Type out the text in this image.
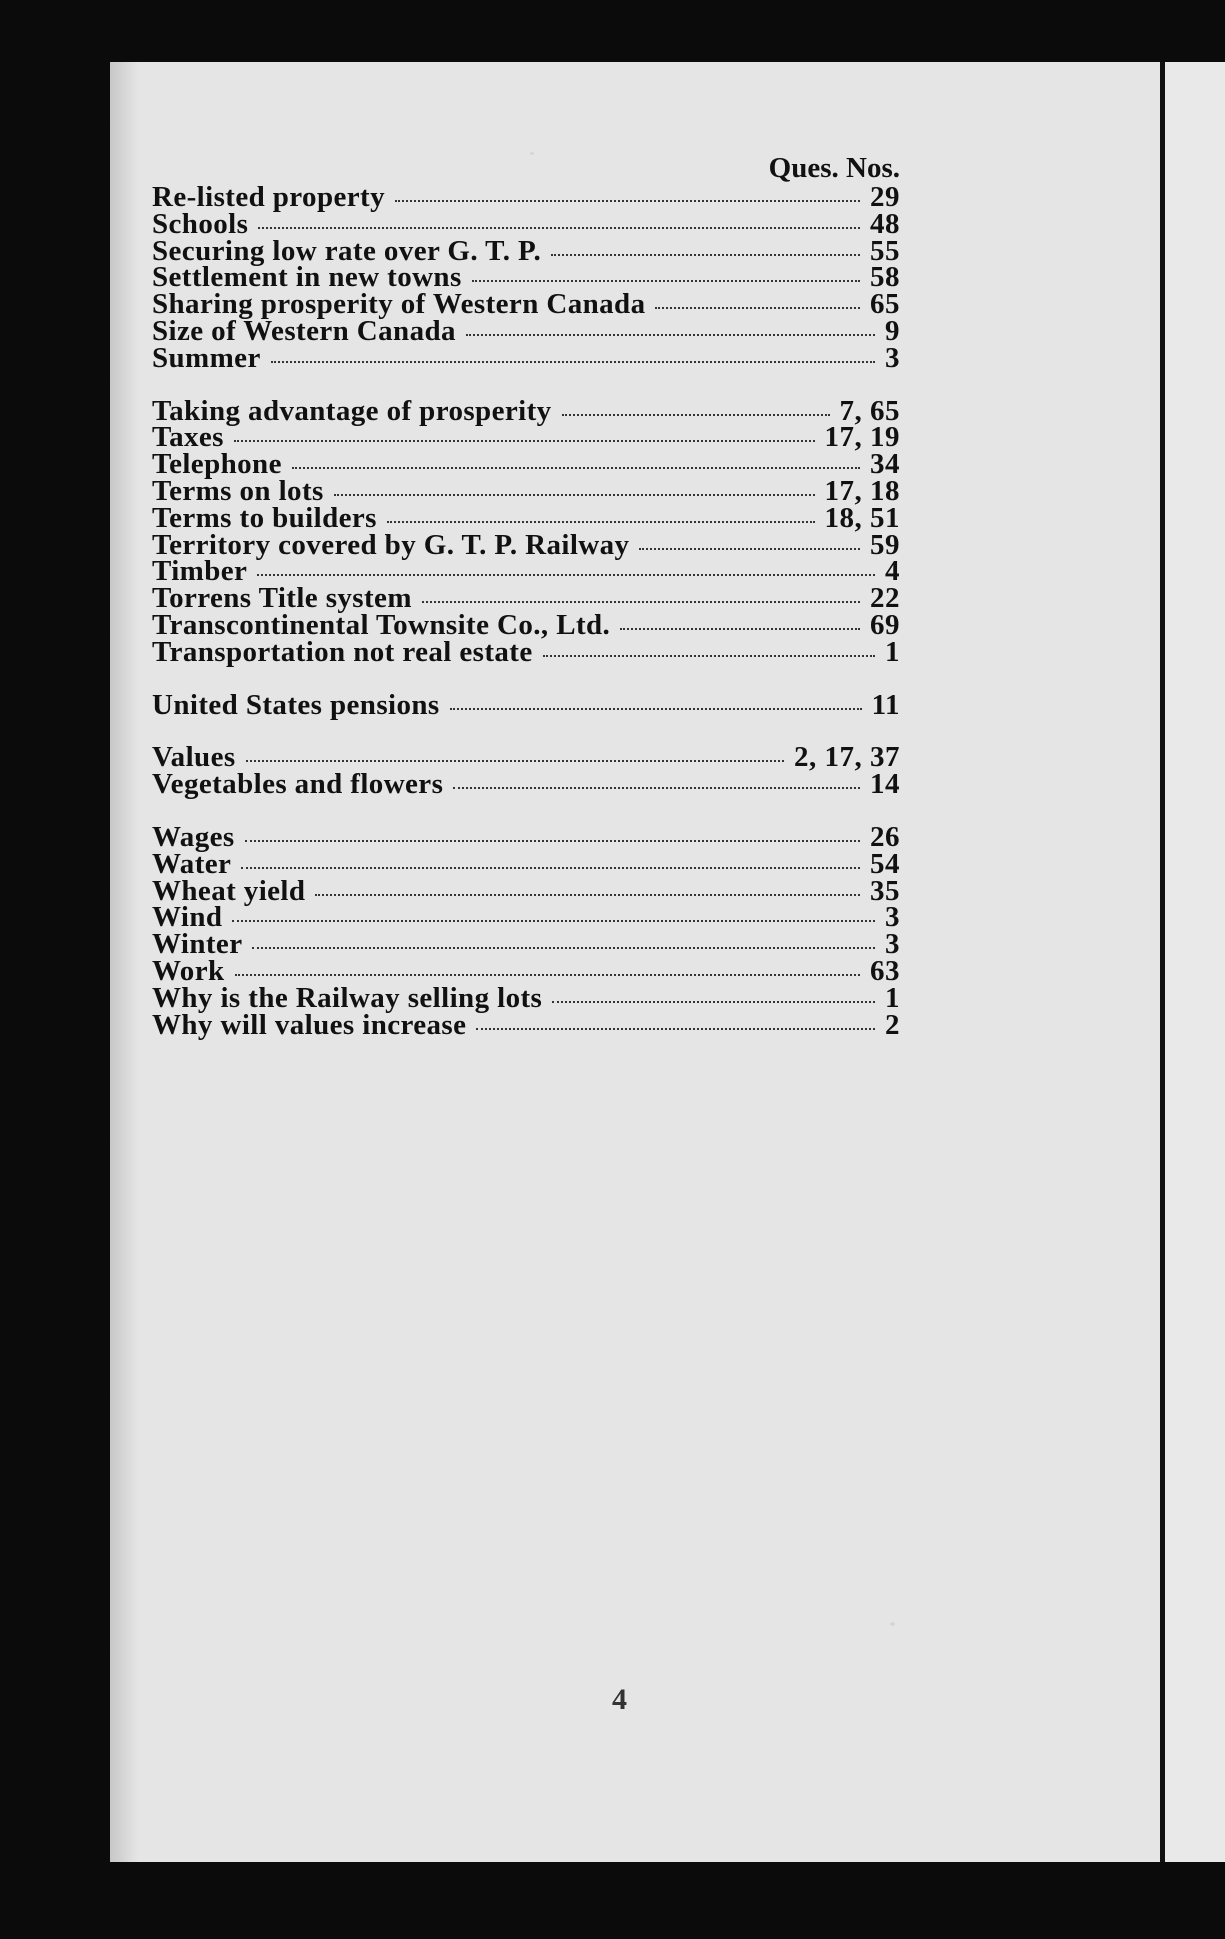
Ques. Nos.
Re-listed property	29
Schools	48
Securing low rate over G. T. P.	55
Settlement in new towns	58
Sharing prosperity of Western Canada	65
Size of Western Canada	9
Summer	3
Taking advantage of prosperity	7, 65
Taxes	17, 19
Telephone	34
Terms on lots	17, 18
Terms to builders	18, 51
Territory covered by G. T. P. Railway	59
Timber	4
Torrens Title system	22
Transcontinental Townsite Co., Ltd.	69
Transportation not real estate	1
United States pensions	11
Values	2, 17, 37
Vegetables and flowers	14
Wages	26
Water	54
Wheat yield	35
Wind	3
Winter	3
Work	63
Why is the Railway selling lots	1
Why will values increase	2
4
